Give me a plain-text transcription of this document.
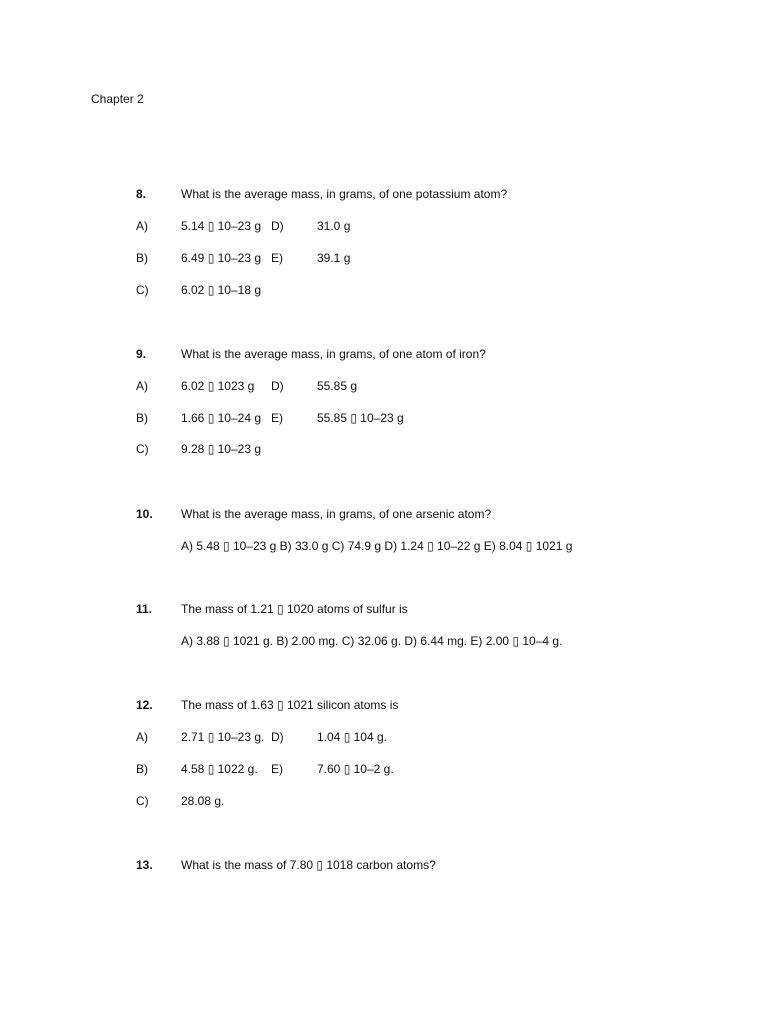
Chapter 2
8.	What is the average mass, in grams, of one potassium atom?
A)	5.14 ▯ 10–23 g D)	31.0 g
B)	6.49 ▯ 10–23 g E)	39.1 g
C)	6.02 ▯ 10–18 g
9.	What is the average mass, in grams, of one atom of iron?
A)	6.02 ▯ 1023 g D)	55.85 g
B)	1.66 ▯ 10–24 g E)	55.85 ▯ 10–23 g
C)	9.28 ▯ 10–23 g
10. What is the average mass, in grams, of one arsenic atom?
A) 5.48 ▯ 10–23 g B) 33.0 g C) 74.9 g D) 1.24 ▯ 10–22 g E) 8.04 ▯ 1021 g
11. The mass of 1.21 ▯ 1020 atoms of sulfur is
A) 3.88 ▯ 1021 g. B) 2.00 mg. C) 32.06 g. D) 6.44 mg. E) 2.00 ▯ 10–4 g.
12. The mass of 1.63 ▯ 1021 silicon atoms is
A)	2.71 ▯ 10–23 g. D)	1.04 ▯ 104 g.
B)	4.58 ▯ 1022 g. E)	7.60 ▯ 10–2 g.
C)	28.08 g.
13. What is the mass of 7.80 ▯ 1018 carbon atoms?
